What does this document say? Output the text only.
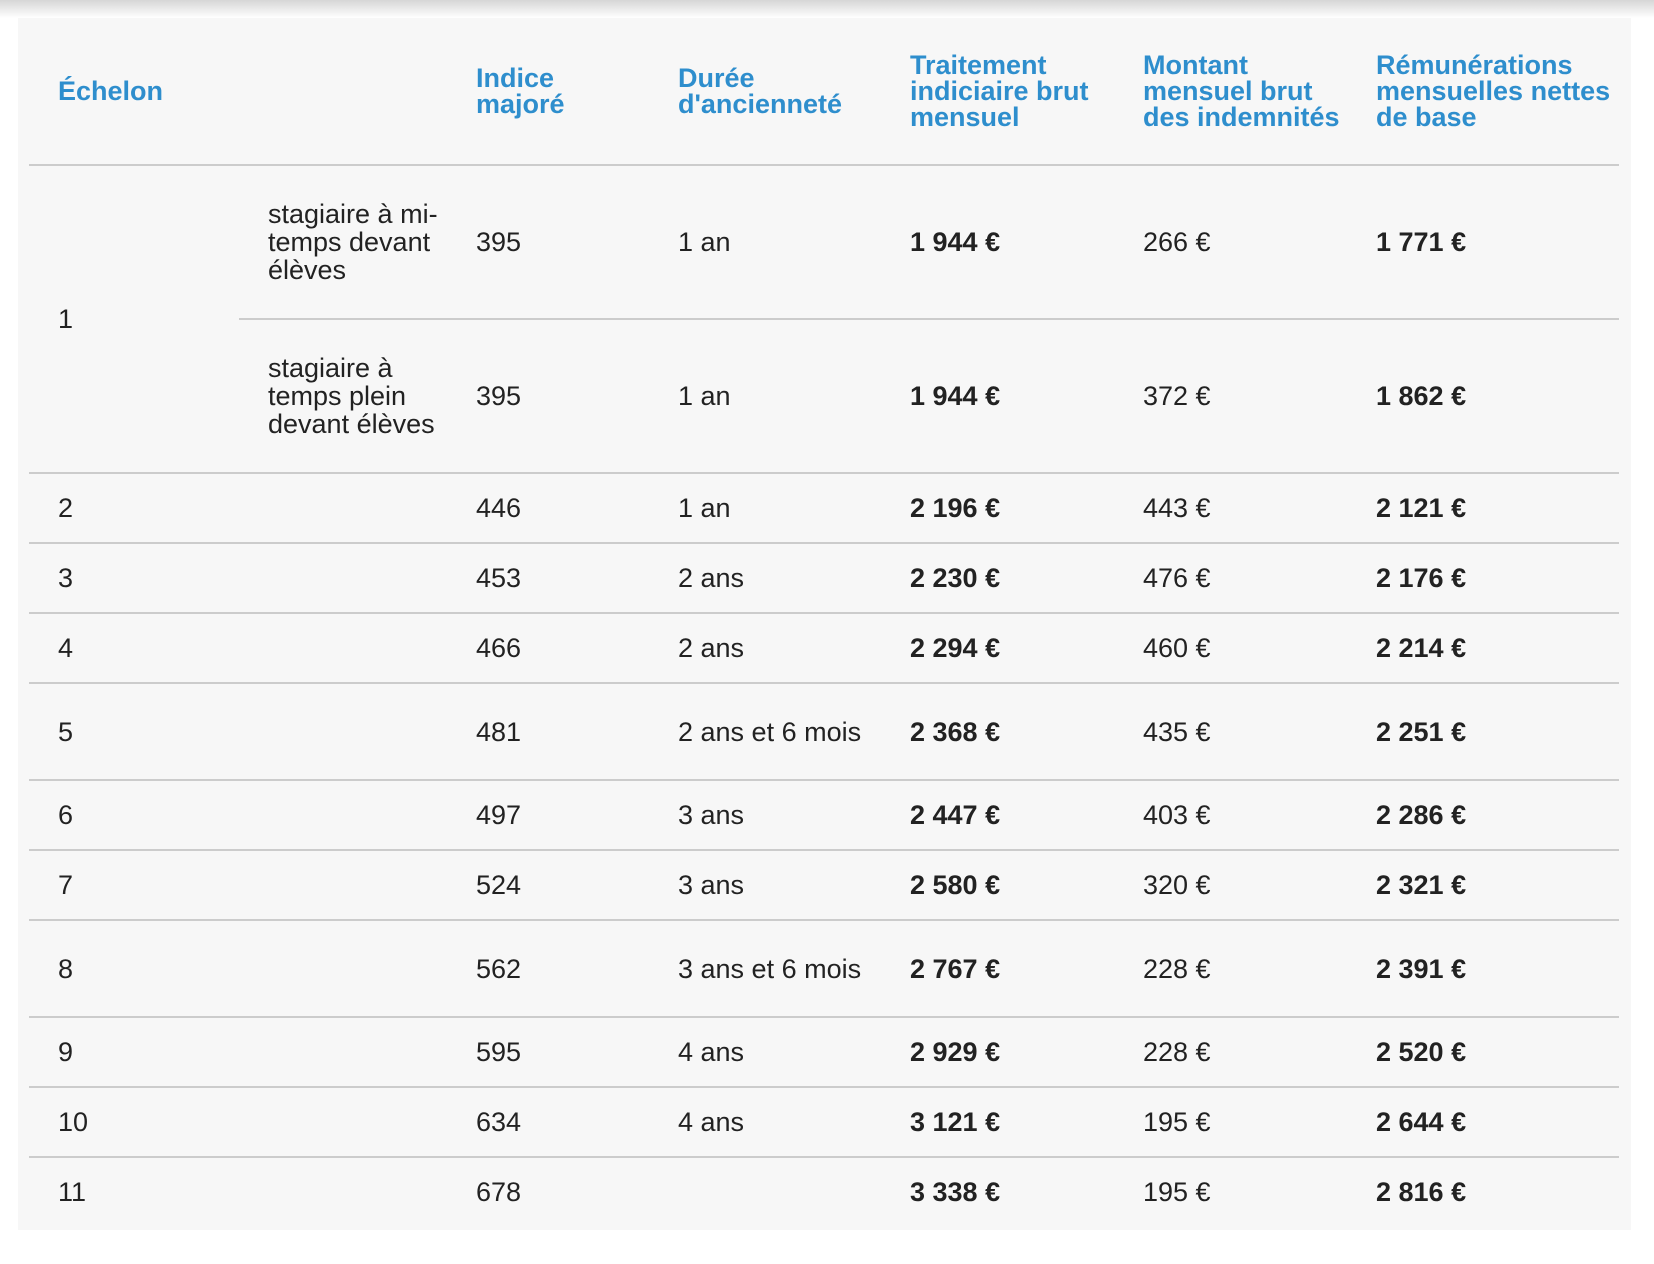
Échelon		Indice majoré	Durée d'ancienneté	Traitement indiciaire brut mensuel	Montant mensuel brut des indemnités	Rémunérations mensuelles nettes de base
1	stagiaire à mi-temps devant élèves	395	1 an	1 944 €	266 €	1 771 €
	stagiaire à temps plein devant élèves	395	1 an	1 944 €	372 €	1 862 €
2		446	1 an	2 196 €	443 €	2 121 €
3		453	2 ans	2 230 €	476 €	2 176 €
4		466	2 ans	2 294 €	460 €	2 214 €
5		481	2 ans et 6 mois	2 368 €	435 €	2 251 €
6		497	3 ans	2 447 €	403 €	2 286 €
7		524	3 ans	2 580 €	320 €	2 321 €
8		562	3 ans et 6 mois	2 767 €	228 €	2 391 €
9		595	4 ans	2 929 €	228 €	2 520 €
10		634	4 ans	3 121 €	195 €	2 644 €
11		678		3 338 €	195 €	2 816 €
